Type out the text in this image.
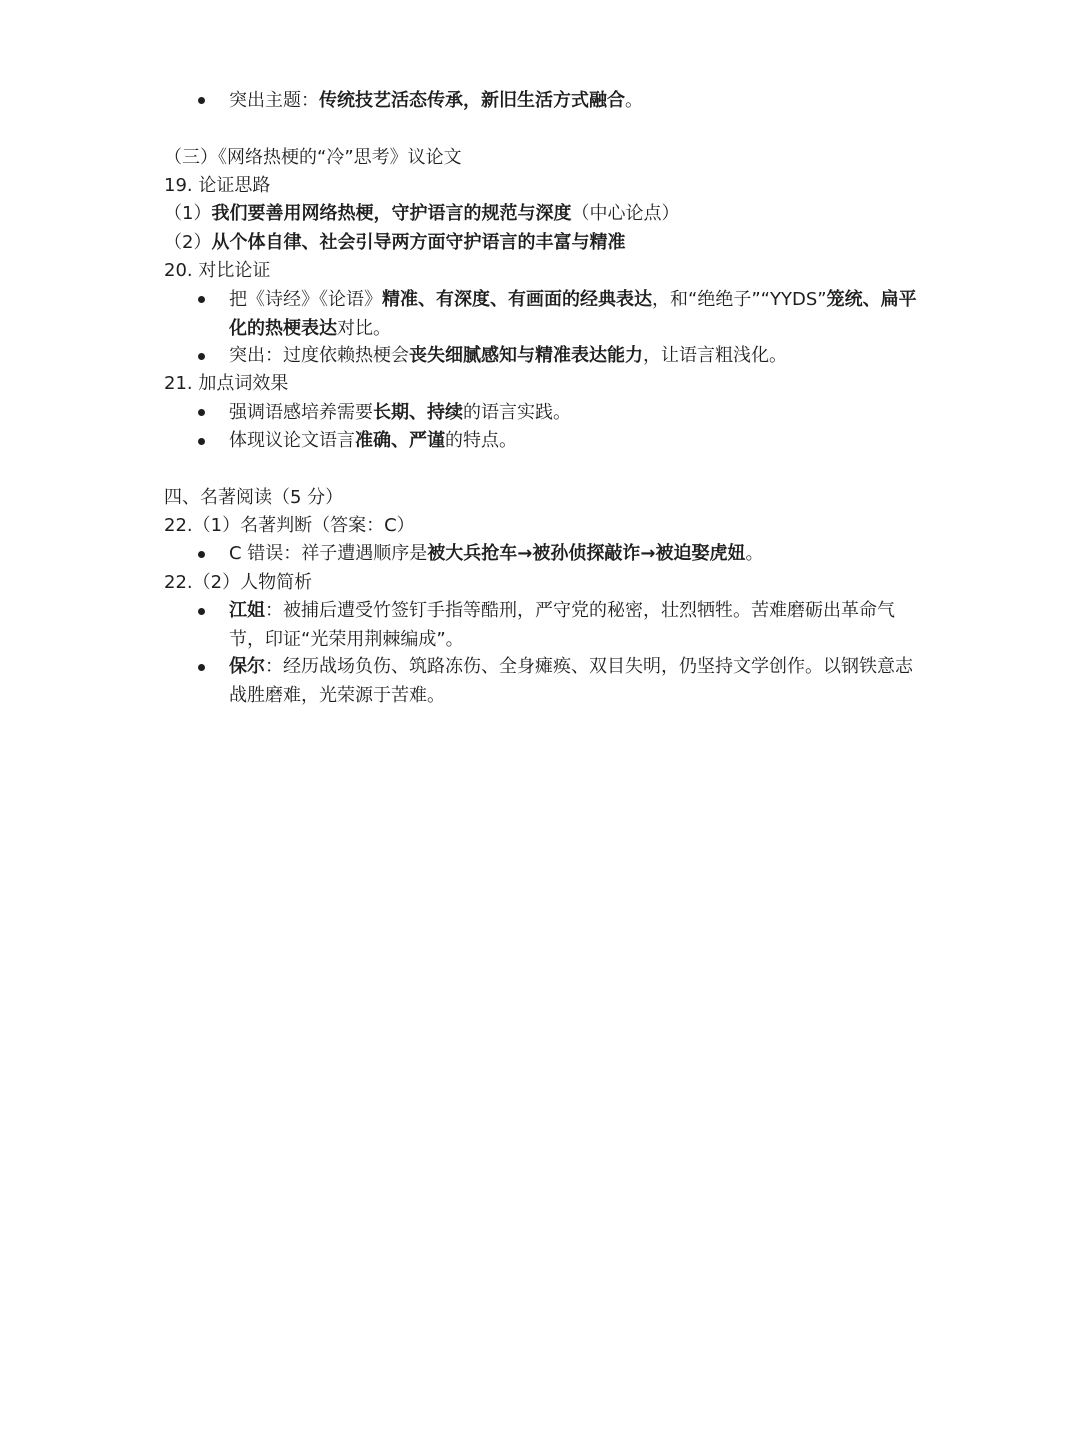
突出主题：传统技艺活态传承，新旧生活方式融合。
（三）《网络热梗的“冷”思考》议论文
19. 论证思路
（1）我们要善用网络热梗，守护语言的规范与深度（中心论点）
（2）从个体自律、社会引导两方面守护语言的丰富与精准
20. 对比论证
把《诗经》《论语》精准、有深度、有画面的经典表达，和“绝绝子”“YYDS”笼统、扁平化的热梗表达对比。
突出：过度依赖热梗会丧失细腻感知与精准表达能力，让语言粗浅化。
21. 加点词效果
强调语感培养需要长期、持续的语言实践。
体现议论文语言准确、严谨的特点。
四、名著阅读（5 分）
22.（1）名著判断（答案：C）
C 错误：祥子遭遇顺序是被大兵抢车→被孙侦探敲诈→被迫娶虎妞。
22.（2）人物简析
江姐：被捕后遭受竹签钉手指等酷刑，严守党的秘密，壮烈牺牲。苦难磨砺出革命气节，印证“光荣用荆棘编成”。
保尔：经历战场负伤、筑路冻伤、全身瘫痪、双目失明，仍坚持文学创作。以钢铁意志战胜磨难，光荣源于苦难。
